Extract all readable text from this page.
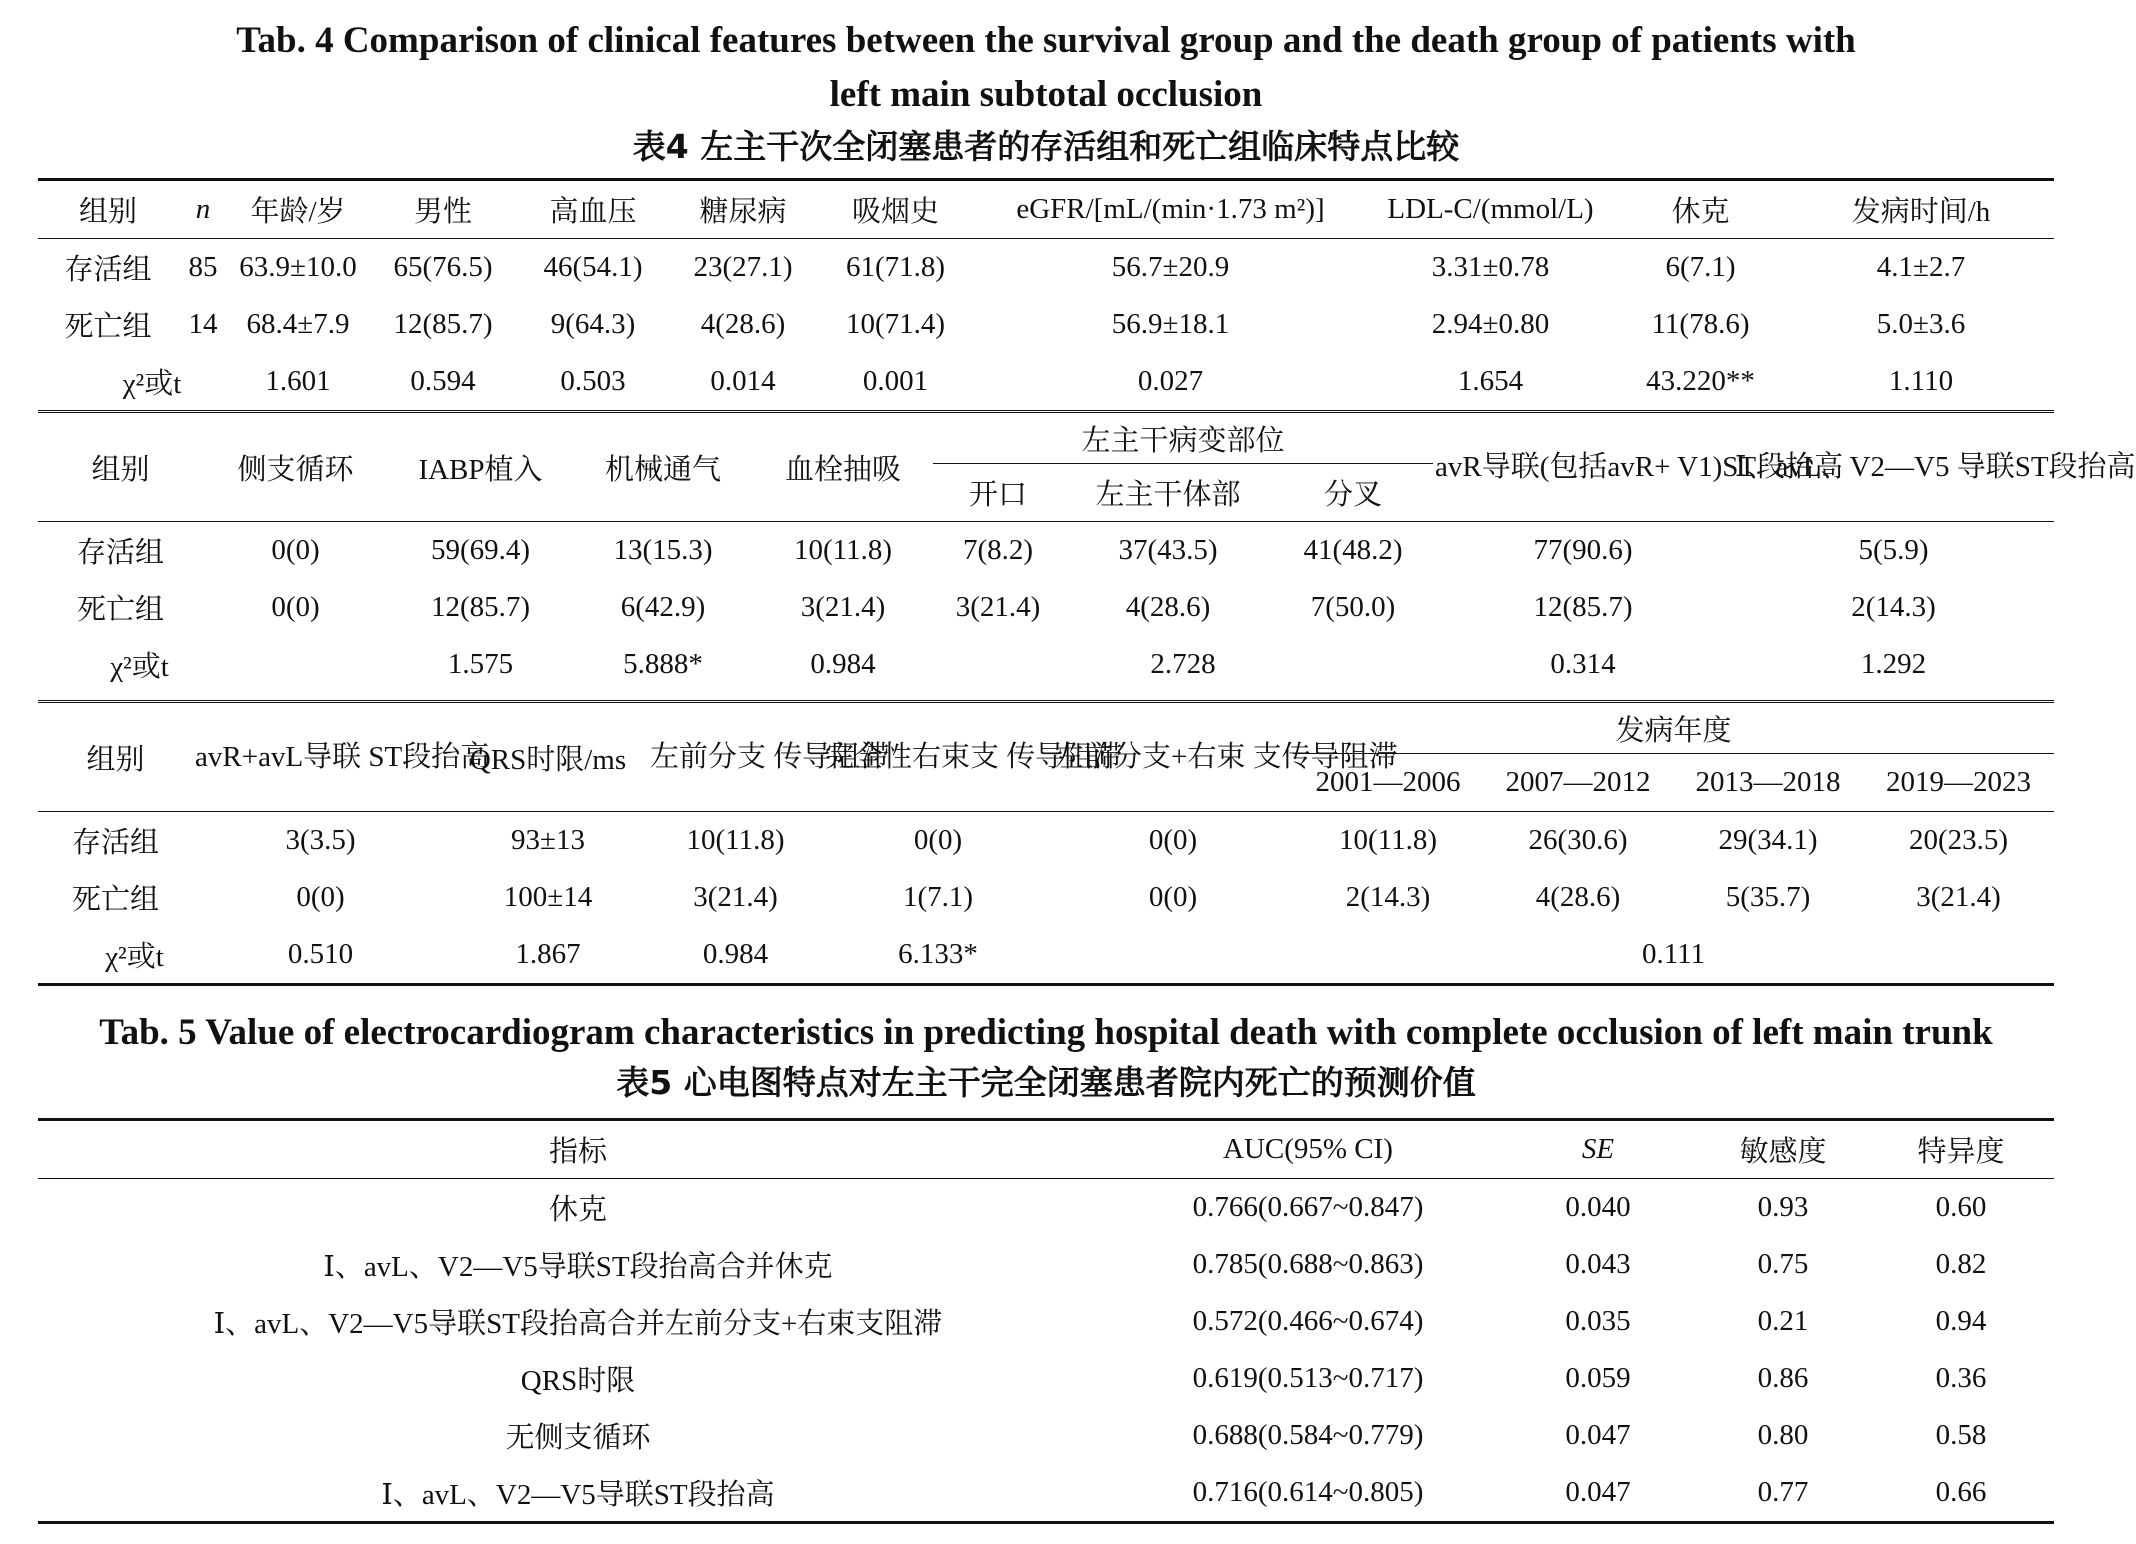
Tab. 4 Comparison of clinical features between the survival group and the death group of patients with
left main subtotal occlusion
表4 左主干次全闭塞患者的存活组和死亡组临床特点比较
组别	n	年龄/岁	男性	高血压	糖尿病	吸烟史	eGFR/[mL/(min·1.73 m²)]	LDL-C/(mmol/L)	休克	发病时间/h
存活组	85	63.9±10.0	65(76.5)	46(54.1)	23(27.1)	61(71.8)	56.7±20.9	3.31±0.78	6(7.1)	4.1±2.7
死亡组	14	68.4±7.9	12(85.7)	9(64.3)	4(28.6)	10(71.4)	56.9±18.1	2.94±0.80	11(78.6)	5.0±3.6
χ²或t		1.601	0.594	0.503	0.014	0.001	0.027	1.654	43.220**	1.110
组别	侧支循环	IABP植入	机械通气	血栓抽吸	左主干病变部位			avR导联(包括avR+ V1)ST段抬高	Ⅰ、avL、V2—V5 导联ST段抬高
					开口	左主干体部	分叉		
存活组	0(0)	59(69.4)	13(15.3)	10(11.8)	7(8.2)	37(43.5)	41(48.2)	77(90.6)	5(5.9)
死亡组	0(0)	12(85.7)	6(42.9)	3(21.4)	3(21.4)	4(28.6)	7(50.0)	12(85.7)	2(14.3)
χ²或t		1.575	5.888*	0.984	2.728			0.314	1.292
组别	avR+avL导联 ST段抬高	QRS时限/ms	左前分支 传导阻滞	完全性右束支 传导阻滞	左前分支+右束 支传导阻滞	发病年度			
						2001—2006	2007—2012	2013—2018	2019—2023
存活组	3(3.5)	93±13	10(11.8)	0(0)	0(0)	10(11.8)	26(30.6)	29(34.1)	20(23.5)
死亡组	0(0)	100±14	3(21.4)	1(7.1)	0(0)	2(14.3)	4(28.6)	5(35.7)	3(21.4)
χ²或t	0.510	1.867	0.984	6.133*		0.111			
Tab. 5 Value of electrocardiogram characteristics in predicting hospital death with complete occlusion of left main trunk
表5 心电图特点对左主干完全闭塞患者院内死亡的预测价值
指标	AUC(95% CI)	SE	敏感度	特异度
休克	0.766(0.667~0.847)	0.040	0.93	0.60
Ⅰ、avL、V2—V5导联ST段抬高合并休克	0.785(0.688~0.863)	0.043	0.75	0.82
Ⅰ、avL、V2—V5导联ST段抬高合并左前分支+右束支阻滞	0.572(0.466~0.674)	0.035	0.21	0.94
QRS时限	0.619(0.513~0.717)	0.059	0.86	0.36
无侧支循环	0.688(0.584~0.779)	0.047	0.80	0.58
Ⅰ、avL、V2—V5导联ST段抬高	0.716(0.614~0.805)	0.047	0.77	0.66
